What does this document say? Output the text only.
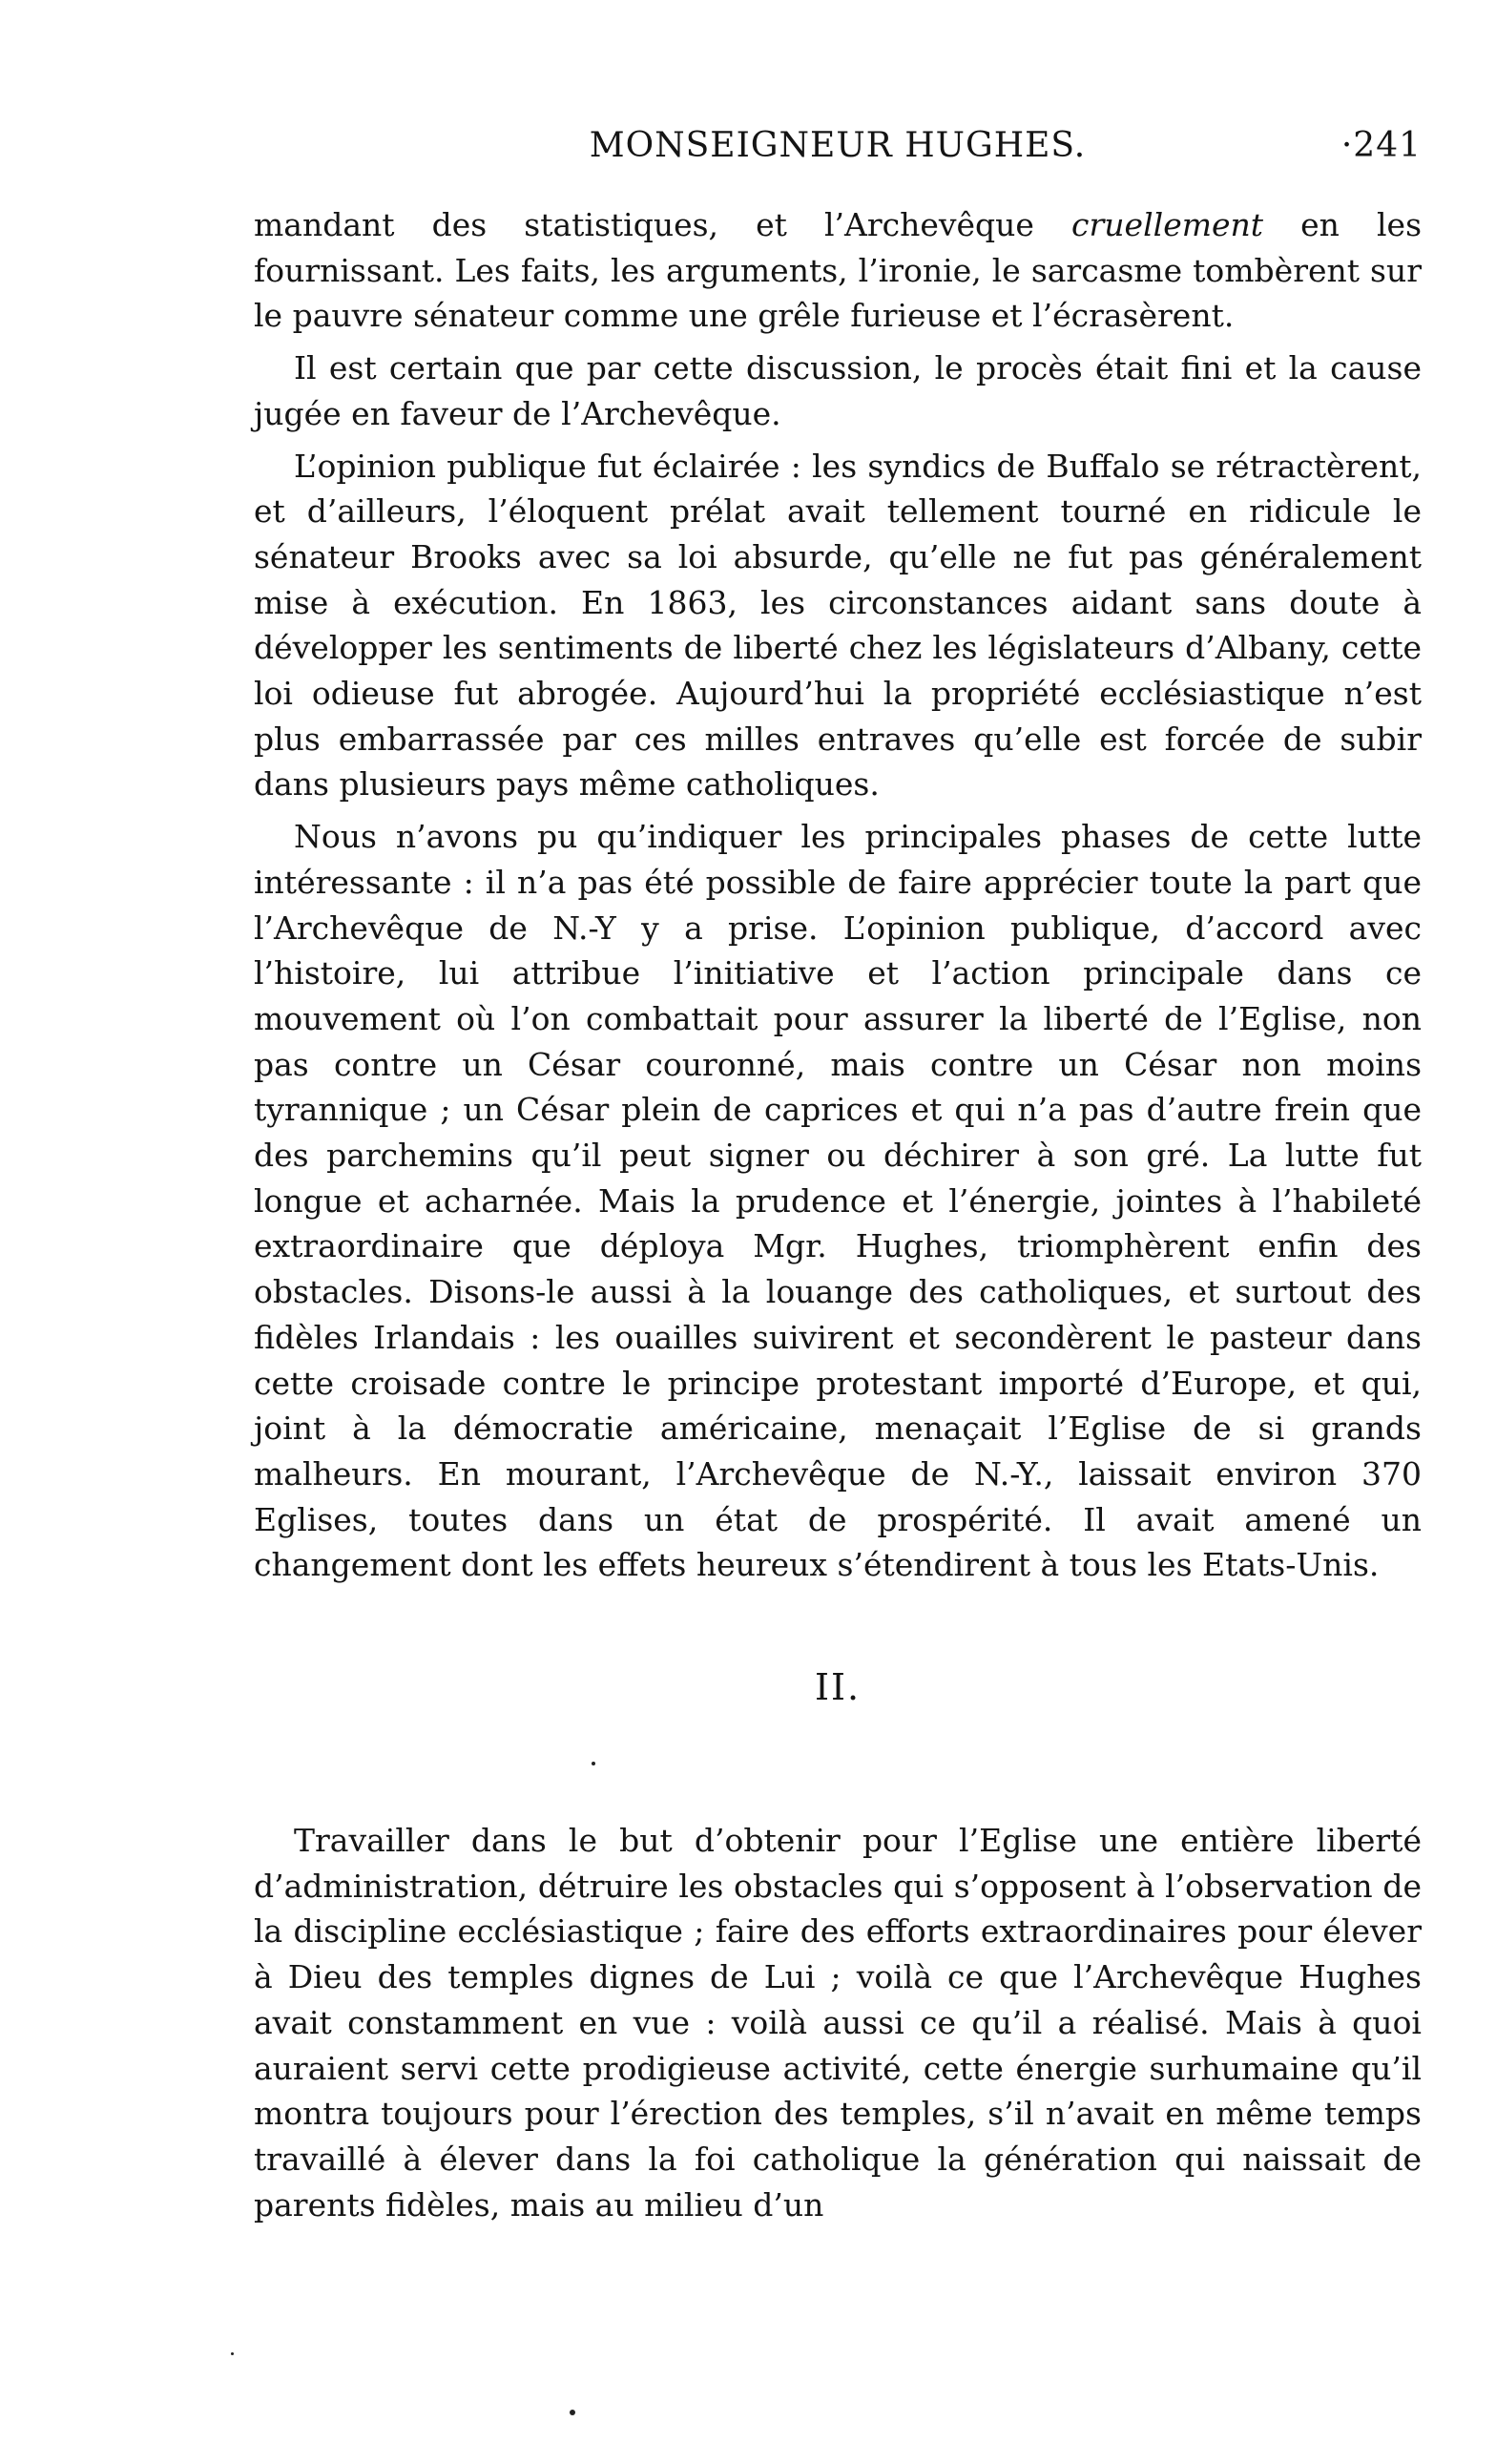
MONSEIGNEUR HUGHES.	·241

mandant des statistiques, et l’Archevêque cruellement en les fournissant. Les faits, les arguments, l’ironie, le sarcasme tombèrent sur le pauvre sénateur comme une grêle furieuse et l’écrasèrent.

Il est certain que par cette discussion, le procès était fini et la cause jugée en faveur de l’Archevêque.

L’opinion publique fut éclairée : les syndics de Buffalo se rétractèrent, et d’ailleurs, l’éloquent prélat avait tellement tourné en ridicule le sénateur Brooks avec sa loi absurde, qu’elle ne fut pas généralement mise à exécution. En 1863, les circonstances aidant sans doute à développer les sentiments de liberté chez les législateurs d’Albany, cette loi odieuse fut abrogée. Aujourd’hui la propriété ecclésiastique n’est plus embarrassée par ces milles entraves qu’elle est forcée de subir dans plusieurs pays même catholiques.

Nous n’avons pu qu’indiquer les principales phases de cette lutte intéressante : il n’a pas été possible de faire apprécier toute la part que l’Archevêque de N.-Y y a prise. L’opinion publique, d’accord avec l’histoire, lui attribue l’initiative et l’action principale dans ce mouvement où l’on combattait pour assurer la liberté de l’Eglise, non pas contre un César couronné, mais contre un César non moins tyrannique ; un César plein de caprices et qui n’a pas d’autre frein que des parchemins qu’il peut signer ou déchirer à son gré. La lutte fut longue et acharnée. Mais la prudence et l’énergie, jointes à l’habileté extraordinaire que déploya Mgr. Hughes, triomphèrent enfin des obstacles. Disons-le aussi à la louange des catholiques, et surtout des fidèles Irlandais : les ouailles suivirent et secondèrent le pasteur dans cette croisade contre le principe protestant importé d’Europe, et qui, joint à la démocratie américaine, menaçait l’Eglise de si grands malheurs. En mourant, l’Archevêque de N.-Y., laissait environ 370 Eglises, toutes dans un état de prospérité. Il avait amené un changement dont les effets heureux s’étendirent à tous les Etats-Unis.

II.

Travailler dans le but d’obtenir pour l’Eglise une entière liberté d’administration, détruire les obstacles qui s’opposent à l’observation de la discipline ecclésiastique ; faire des efforts extraordinaires pour élever à Dieu des temples dignes de Lui ; voilà ce que l’Archevêque Hughes avait constamment en vue : voilà aussi ce qu’il a réalisé. Mais à quoi auraient servi cette prodigieuse activité, cette énergie surhumaine qu’il montra toujours pour l’érection des temples, s’il n’avait en même temps travaillé à élever dans la foi catholique la génération qui naissait de parents fidèles, mais au milieu d’un
